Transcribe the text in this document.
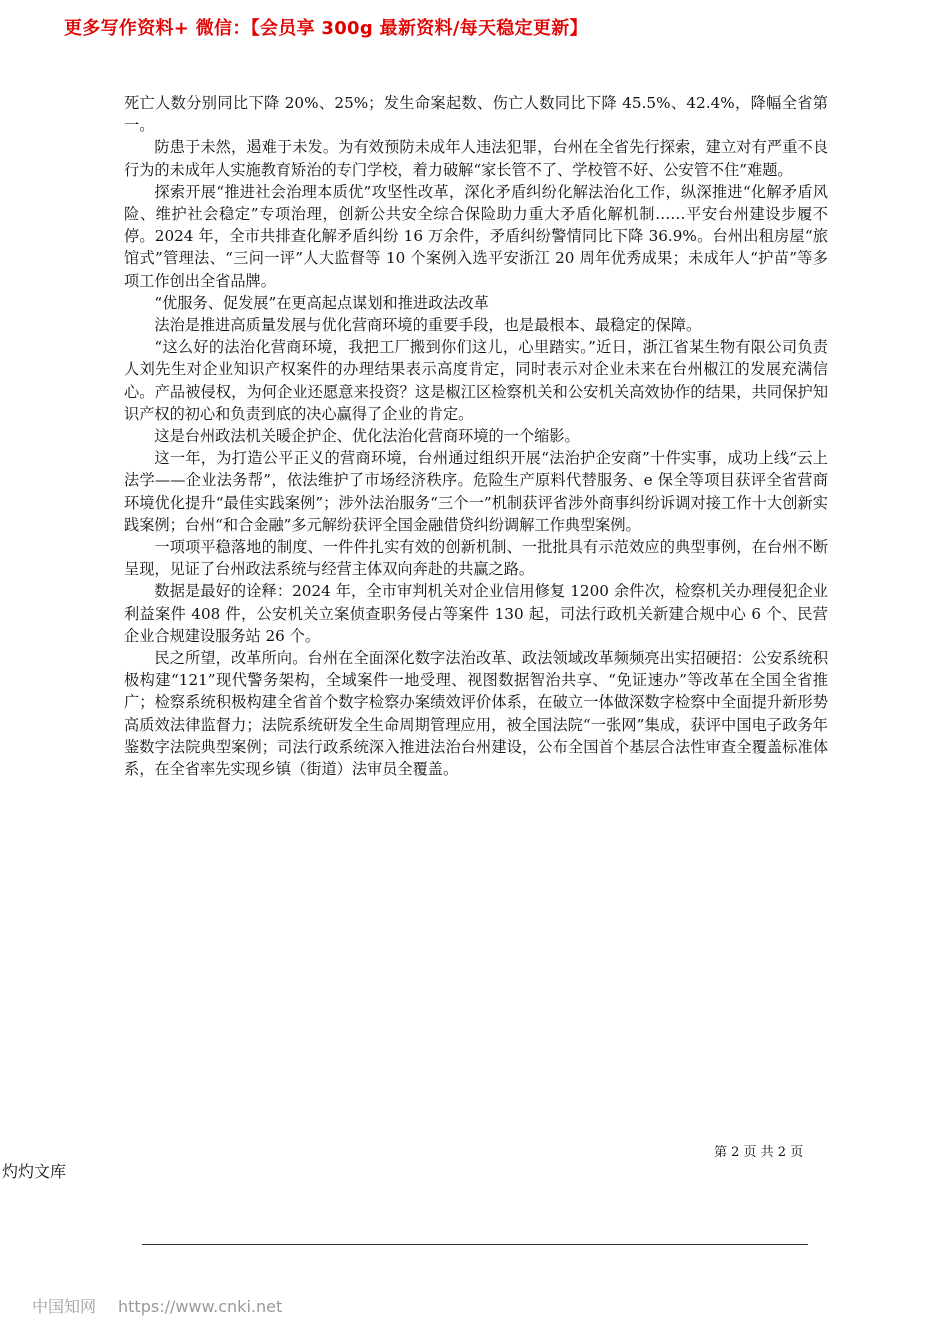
更多写作资料+ 微信：【会员享 300g 最新资料/每天稳定更新】

死亡人数分别同比下降 20%、25%；发生命案起数、伤亡人数同比下降 45.5%、42.4%，降幅全省第一。

防患于未然，遏难于未发。为有效预防未成年人违法犯罪，台州在全省先行探索，建立对有严重不良行为的未成年人实施教育矫治的专门学校，着力破解“家长管不了、学校管不好、公安管不住”难题。

探索开展“推进社会治理本质优”攻坚性改革，深化矛盾纠纷化解法治化工作，纵深推进“化解矛盾风险、维护社会稳定”专项治理，创新公共安全综合保险助力重大矛盾化解机制……平安台州建设步履不停。2024 年，全市共排查化解矛盾纠纷 16 万余件，矛盾纠纷警情同比下降 36.9%。台州出租房屋“旅馆式”管理法、“三问一评”人大监督等 10 个案例入选平安浙江 20 周年优秀成果；未成年人“护苗”等多项工作创出全省品牌。

“优服务、促发展”在更高起点谋划和推进政法改革

法治是推进高质量发展与优化营商环境的重要手段，也是最根本、最稳定的保障。

“这么好的法治化营商环境，我把工厂搬到你们这儿，心里踏实。”近日，浙江省某生物有限公司负责人刘先生对企业知识产权案件的办理结果表示高度肯定，同时表示对企业未来在台州椒江的发展充满信心。产品被侵权，为何企业还愿意来投资？这是椒江区检察机关和公安机关高效协作的结果，共同保护知识产权的初心和负责到底的决心赢得了企业的肯定。

这是台州政法机关暖企护企、优化法治化营商环境的一个缩影。

这一年，为打造公平正义的营商环境，台州通过组织开展“法治护企安商”十件实事，成功上线“云上法学——企业法务帮”，依法维护了市场经济秩序。危险生产原料代替服务、e 保全等项目获评全省营商环境优化提升“最佳实践案例”；涉外法治服务“三个一”机制获评省涉外商事纠纷诉调对接工作十大创新实践案例；台州“和合金融”多元解纷获评全国金融借贷纠纷调解工作典型案例。

一项项平稳落地的制度、一件件扎实有效的创新机制、一批批具有示范效应的典型事例，在台州不断呈现，见证了台州政法系统与经营主体双向奔赴的共赢之路。

数据是最好的诠释：2024 年，全市审判机关对企业信用修复 1200 余件次，检察机关办理侵犯企业利益案件 408 件，公安机关立案侦查职务侵占等案件 130 起，司法行政机关新建合规中心 6 个、民营企业合规建设服务站 26 个。

民之所望，改革所向。台州在全面深化数字法治改革、政法领域改革频频亮出实招硬招：公安系统积极构建“121”现代警务架构，全域案件一地受理、视图数据智治共享、“免证速办”等改革在全国全省推广；检察系统积极构建全省首个数字检察办案绩效评价体系，在破立一体做深数字检察中全面提升新形势高质效法律监督力；法院系统研发全生命周期管理应用，被全国法院“一张网”集成，获评中国电子政务年鉴数字法院典型案例；司法行政系统深入推进法治台州建设，公布全国首个基层合法性审查全覆盖标准体系，在全省率先实现乡镇（街道）法审员全覆盖。

第 2 页 共 2 页
灼灼文库
中国知网 https://www.cnki.net
